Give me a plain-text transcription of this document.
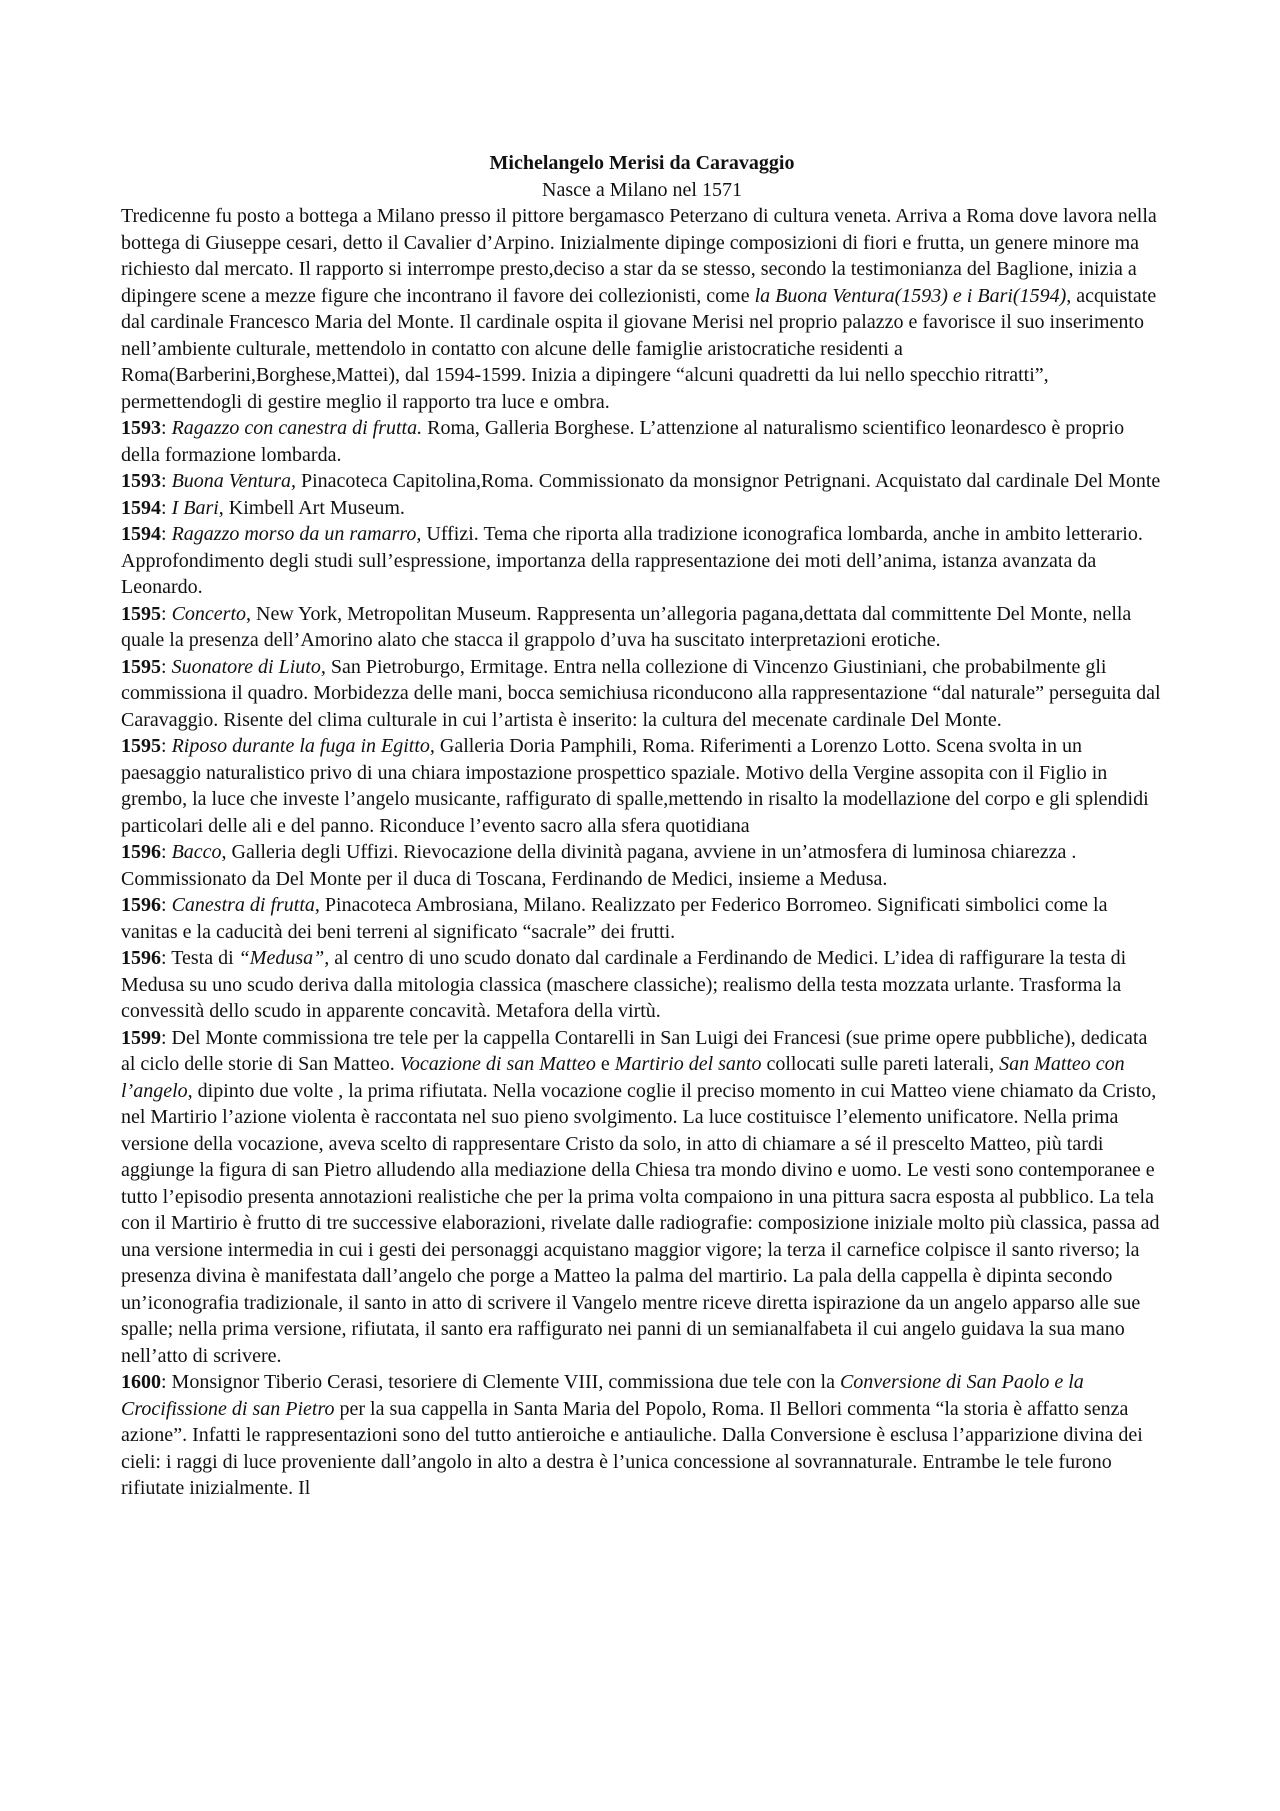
Michelangelo Merisi da Caravaggio

Nasce a Milano nel 1571

Tredicenne fu posto a bottega a Milano presso il pittore bergamasco Peterzano di cultura veneta. Arriva a Roma dove lavora nella bottega di Giuseppe cesari, detto il Cavalier d’Arpino. Inizialmente dipinge composizioni di fiori e frutta, un genere minore ma richiesto dal mercato. Il rapporto si interrompe presto,deciso a star da se stesso, secondo la testimonianza del Baglione, inizia a dipingere scene a mezze figure che incontrano il favore dei collezionisti, come la Buona Ventura(1593) e i Bari(1594), acquistate dal cardinale Francesco Maria del Monte. Il cardinale ospita il giovane Merisi nel proprio palazzo e favorisce il suo inserimento nell’ambiente culturale, mettendolo in contatto con alcune delle famiglie aristocratiche residenti a Roma(Barberini,Borghese,Mattei), dal 1594-1599. Inizia a dipingere “alcuni quadretti da lui nello specchio ritratti”, permettendogli di gestire meglio il rapporto tra luce e ombra.

1593: Ragazzo con canestra di frutta. Roma, Galleria Borghese. L’attenzione al naturalismo scientifico leonardesco è proprio della formazione lombarda.

1593: Buona Ventura, Pinacoteca Capitolina,Roma. Commissionato da monsignor Petrignani. Acquistato dal cardinale Del Monte

1594: I Bari, Kimbell Art Museum.

1594: Ragazzo morso da un ramarro, Uffizi. Tema che riporta alla tradizione iconografica lombarda, anche in ambito letterario. Approfondimento degli studi sull’espressione, importanza della rappresentazione dei moti dell’anima, istanza avanzata da Leonardo.

1595: Concerto, New York, Metropolitan Museum. Rappresenta un’allegoria pagana,dettata dal committente Del Monte, nella quale la presenza dell’Amorino alato che stacca il grappolo d’uva ha suscitato interpretazioni erotiche.

1595: Suonatore di Liuto, San Pietroburgo, Ermitage. Entra nella collezione di Vincenzo Giustiniani, che probabilmente gli commissiona il quadro. Morbidezza delle mani, bocca semichiusa riconducono alla rappresentazione “dal naturale” perseguita dal Caravaggio. Risente del clima culturale in cui l’artista è inserito: la cultura del mecenate cardinale Del Monte.

1595: Riposo durante la fuga in Egitto, Galleria Doria Pamphili, Roma. Riferimenti a Lorenzo Lotto. Scena svolta in un paesaggio naturalistico privo di una chiara impostazione prospettico spaziale. Motivo della Vergine assopita con il Figlio in grembo, la luce che investe l’angelo musicante, raffigurato di spalle,mettendo in risalto la modellazione del corpo e gli splendidi particolari delle ali e del panno. Riconduce l’evento sacro alla sfera quotidiana

1596: Bacco, Galleria degli Uffizi. Rievocazione della divinità pagana, avviene in un’atmosfera di luminosa chiarezza . Commissionato da Del Monte per il duca di Toscana, Ferdinando de Medici, insieme a Medusa.

1596: Canestra di frutta, Pinacoteca Ambrosiana, Milano. Realizzato per Federico Borromeo. Significati simbolici come la vanitas e la caducità dei beni terreni al significato “sacrale” dei frutti.

1596: Testa di “Medusa”, al centro di uno scudo donato dal cardinale a Ferdinando de Medici. L’idea di raffigurare la testa di Medusa su uno scudo deriva dalla mitologia classica (maschere classiche); realismo della testa mozzata urlante. Trasforma la convessità dello scudo in apparente concavità. Metafora della virtù.

1599: Del Monte commissiona tre tele per la cappella Contarelli in San Luigi dei Francesi (sue prime opere pubbliche), dedicata al ciclo delle storie di San Matteo. Vocazione di san Matteo e Martirio del santo collocati sulle pareti laterali, San Matteo con l’angelo, dipinto due volte , la prima rifiutata. Nella vocazione coglie il preciso momento in cui Matteo viene chiamato da Cristo, nel Martirio l’azione violenta è raccontata nel suo pieno svolgimento. La luce costituisce l’elemento unificatore. Nella prima versione della vocazione, aveva scelto di rappresentare Cristo da solo, in atto di chiamare a sé il prescelto Matteo, più tardi aggiunge la figura di san Pietro alludendo alla mediazione della Chiesa tra mondo divino e uomo. Le vesti sono contemporanee e tutto l’episodio presenta annotazioni realistiche che per la prima volta compaiono in una pittura sacra esposta al pubblico. La tela con il Martirio è frutto di tre successive elaborazioni, rivelate dalle radiografie: composizione iniziale molto più classica, passa ad una versione intermedia in cui i gesti dei personaggi acquistano maggior vigore; la terza il carnefice colpisce il santo riverso; la presenza divina è manifestata dall’angelo che porge a Matteo la palma del martirio. La pala della cappella è dipinta secondo un’iconografia tradizionale, il santo in atto di scrivere il Vangelo mentre riceve diretta ispirazione da un angelo apparso alle sue spalle; nella prima versione, rifiutata, il santo era raffigurato nei panni di un semianalfabeta il cui angelo guidava la sua mano nell’atto di scrivere.

1600: Monsignor Tiberio Cerasi, tesoriere di Clemente VIII, commissiona due tele con la Conversione di San Paolo e la Crocifissione di san Pietro per la sua cappella in Santa Maria del Popolo, Roma. Il Bellori commenta “la storia è affatto senza azione”. Infatti le rappresentazioni sono del tutto antieroiche e antiauliche. Dalla Conversione è esclusa l’apparizione divina dei cieli: i raggi di luce proveniente dall’angolo in alto a destra è l’unica concessione al sovrannaturale. Entrambe le tele furono rifiutate inizialmente. Il
